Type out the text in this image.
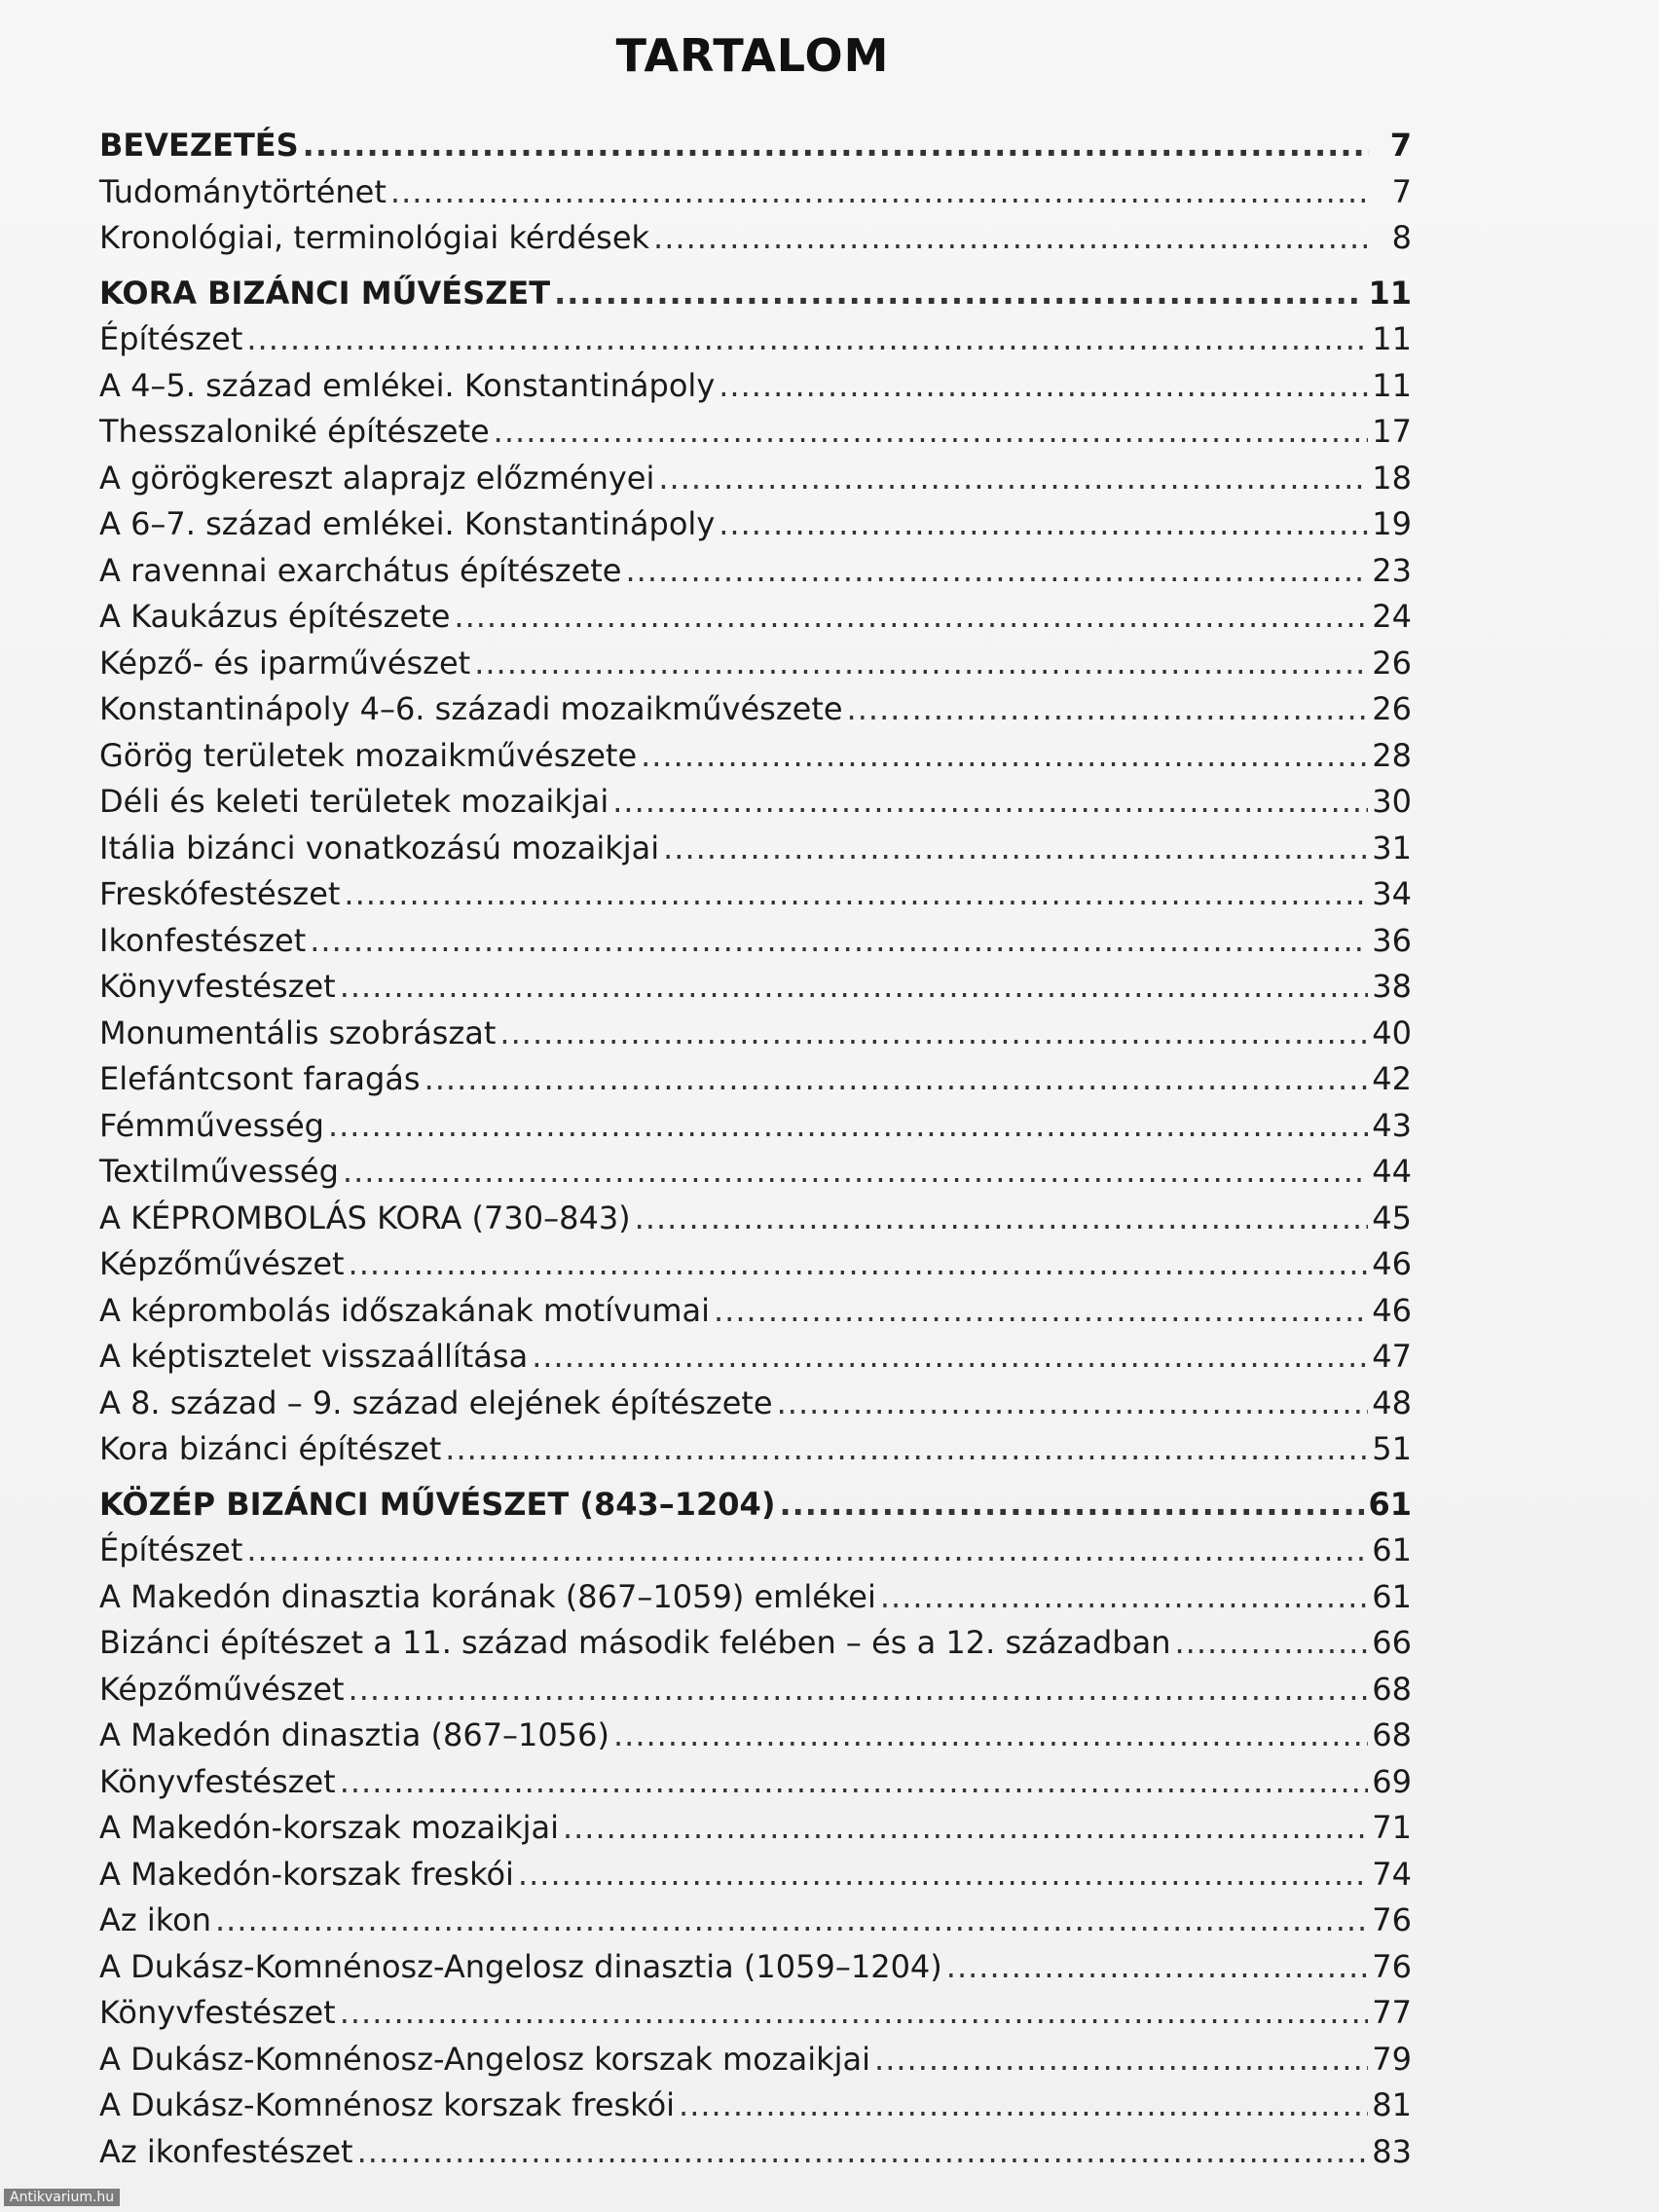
TARTALOM
BEVEZETÉS .....	7
Tudománytörténet .....	7
Kronológiai, terminológiai kérdések .....	8
KORA BIZÁNCI MŰVÉSZET .....	11
Építészet .....	11
A 4–5. század emlékei. Konstantinápoly .....	11
Thesszaloniké építészete .....	17
A görögkereszt alaprajz előzményei .....	18
A 6–7. század emlékei. Konstantinápoly .....	19
A ravennai exarchátus építészete .....	23
A Kaukázus építészete .....	24
Képző- és iparművészet .....	26
Konstantinápoly 4–6. századi mozaikművészete .....	26
Görög területek mozaikművészete .....	28
Déli és keleti területek mozaikjai .....	30
Itália bizánci vonatkozású mozaikjai .....	31
Freskófestészet .....	34
Ikonfestészet .....	36
Könyvfestészet .....	38
Monumentális szobrászat .....	40
Elefántcsont faragás .....	42
Fémművesség .....	43
Textilművesség .....	44
A KÉPROMBOLÁS KORA (730–843) .....	45
Képzőművészet .....	46
A képrombolás időszakának motívumai .....	46
A képtisztelet visszaállítása .....	47
A 8. század – 9. század elejének építészete .....	48
Kora bizánci építészet .....	51
KÖZÉP BIZÁNCI MŰVÉSZET (843–1204) .....	61
Építészet .....	61
A Makedón dinasztia korának (867–1059) emlékei .....	61
Bizánci építészet a 11. század második felében – és a 12. században .....	66
Képzőművészet .....	68
A Makedón dinasztia (867–1056) .....	68
Könyvfestészet .....	69
A Makedón-korszak mozaikjai .....	71
A Makedón-korszak freskói .....	74
Az ikon .....	76
A Dukász-Komnénosz-Angelosz dinasztia (1059–1204) .....	76
Könyvfestészet .....	77
A Dukász-Komnénosz-Angelosz korszak mozaikjai .....	79
A Dukász-Komnénosz korszak freskói .....	81
Az ikonfestészet .....	83
Antikvarium.hu
